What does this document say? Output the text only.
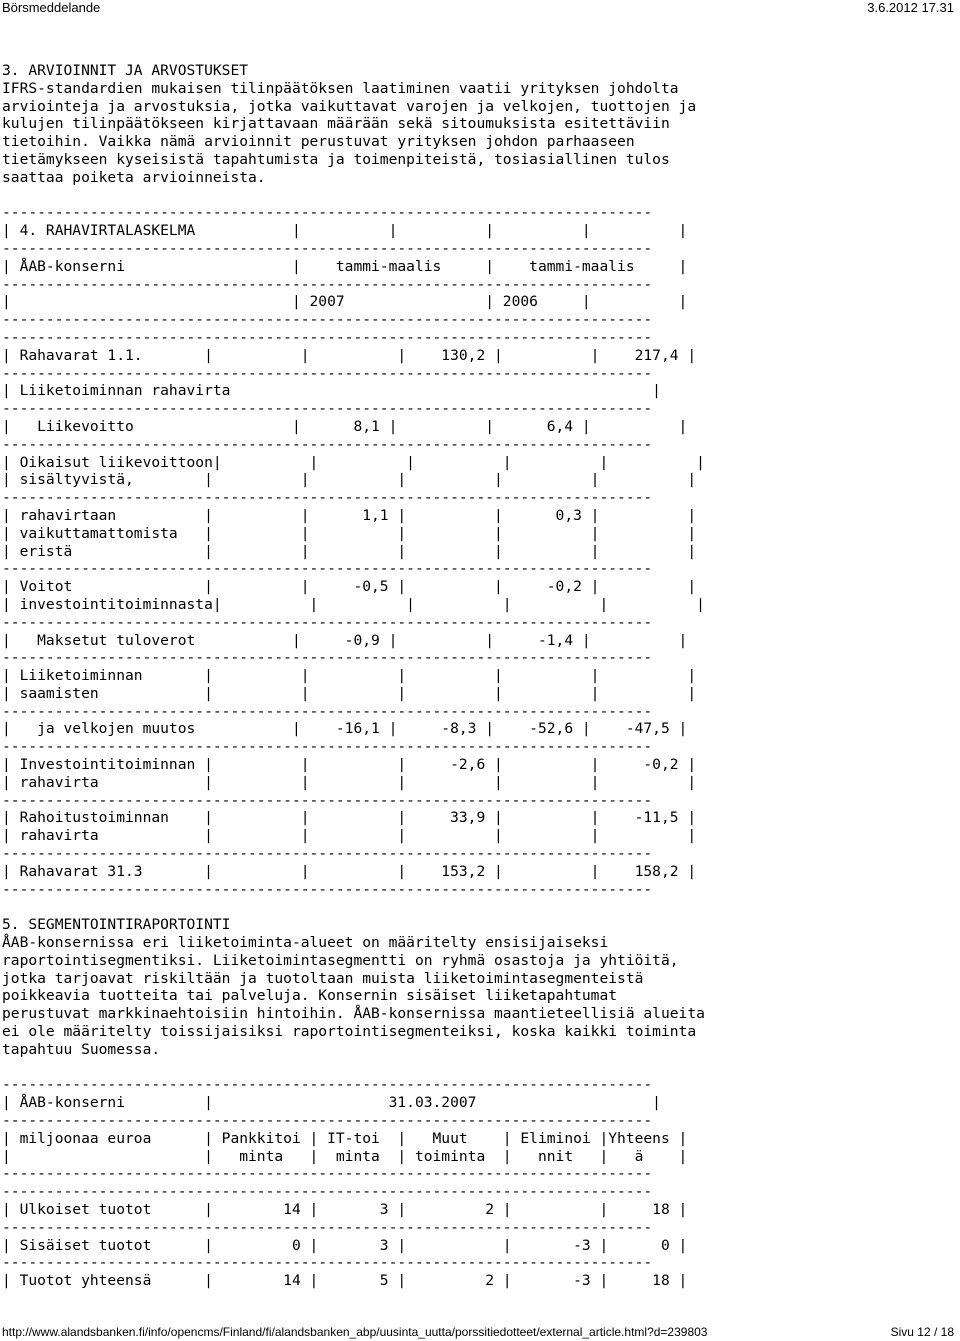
Börsmeddelande	3.6.2012 17.31
3. ARVIOINNIT JA ARVOSTUKSET
IFRS-standardien mukaisen tilinpäätöksen laatiminen vaatii yrityksen johdolta
arviointeja ja arvostuksia, jotka vaikuttavat varojen ja velkojen, tuottojen ja
kulujen tilinpäätökseen kirjattavaan määrään sekä sitoumuksista esitettäviin
tietoihin. Vaikka nämä arvioinnit perustuvat yrityksen johdon parhaaseen
tietämykseen kyseisistä tapahtumista ja toimenpiteistä, tosiasiallinen tulos
saattaa poiketa arvioinneista.

--------------------------------------------------------------------------
| 4. RAHAVIRTALASKELMA           |          |          |          |          |
--------------------------------------------------------------------------
| ÅAB-konserni                   |    tammi-maalis     |    tammi-maalis     |
--------------------------------------------------------------------------
|                                | 2007                | 2006     |          |
--------------------------------------------------------------------------
--------------------------------------------------------------------------
| Rahavarat 1.1.       |          |          |    130,2 |          |    217,4 |
--------------------------------------------------------------------------
| Liiketoiminnan rahavirta                                                |
--------------------------------------------------------------------------
|   Liikevoitto                  |      8,1 |          |      6,4 |          |
--------------------------------------------------------------------------
| Oikaisut liikevoittoon|          |          |          |          |          |
| sisältyvistä,        |          |          |          |          |          |
--------------------------------------------------------------------------
| rahavirtaan          |          |      1,1 |          |      0,3 |          |
| vaikuttamattomista   |          |          |          |          |          |
| eristä               |          |          |          |          |          |
--------------------------------------------------------------------------
| Voitot               |          |     -0,5 |          |     -0,2 |          |
| investointitoiminnasta|          |          |          |          |          |
--------------------------------------------------------------------------
|   Maksetut tuloverot           |     -0,9 |          |     -1,4 |          |
--------------------------------------------------------------------------
| Liiketoiminnan       |          |          |          |          |          |
| saamisten            |          |          |          |          |          |
--------------------------------------------------------------------------
|   ja velkojen muutos           |    -16,1 |     -8,3 |    -52,6 |    -47,5 |
--------------------------------------------------------------------------
| Investointitoiminnan |          |          |     -2,6 |          |     -0,2 |
| rahavirta            |          |          |          |          |          |
--------------------------------------------------------------------------
| Rahoitustoiminnan    |          |          |     33,9 |          |    -11,5 |
| rahavirta            |          |          |          |          |          |
--------------------------------------------------------------------------
| Rahavarat 31.3       |          |          |    153,2 |          |    158,2 |
--------------------------------------------------------------------------

5. SEGMENTOINTIRAPORTOINTI
ÅAB-konsernissa eri liiketoiminta-alueet on määritelty ensisijaiseksi
raportointisegmentiksi. Liiketoimintasegmentti on ryhmä osastoja ja yhtiöitä,
jotka tarjoavat riskiltään ja tuotoltaan muista liiketoimintasegmenteistä
poikkeavia tuotteita tai palveluja. Konsernin sisäiset liiketapahtumat
perustuvat markkinaehtoisiin hintoihin. ÅAB-konsernissa maantieteellisiä alueita
ei ole määritelty toissijaisiksi raportointisegmenteiksi, koska kaikki toiminta
tapahtuu Suomessa.

--------------------------------------------------------------------------
| ÅAB-konserni         |                    31.03.2007                    |
--------------------------------------------------------------------------
| miljoonaa euroa      | Pankkitoi | IT-toi  |   Muut    | Eliminoi |Yhteens |
|                      |   minta   |  minta  | toiminta  |   nnit   |   ä    |
--------------------------------------------------------------------------
--------------------------------------------------------------------------
| Ulkoiset tuotot      |        14 |       3 |         2 |          |     18 |
--------------------------------------------------------------------------
| Sisäiset tuotot      |         0 |       3 |           |       -3 |      0 |
--------------------------------------------------------------------------
| Tuotot yhteensä      |        14 |       5 |         2 |       -3 |     18 |

http://www.alandsbanken.fi/info/opencms/Finland/fi/alandsbanken_abp/uusinta_uutta/porssitiedotteet/external_article.html?d=239803	Sivu 12 / 18
